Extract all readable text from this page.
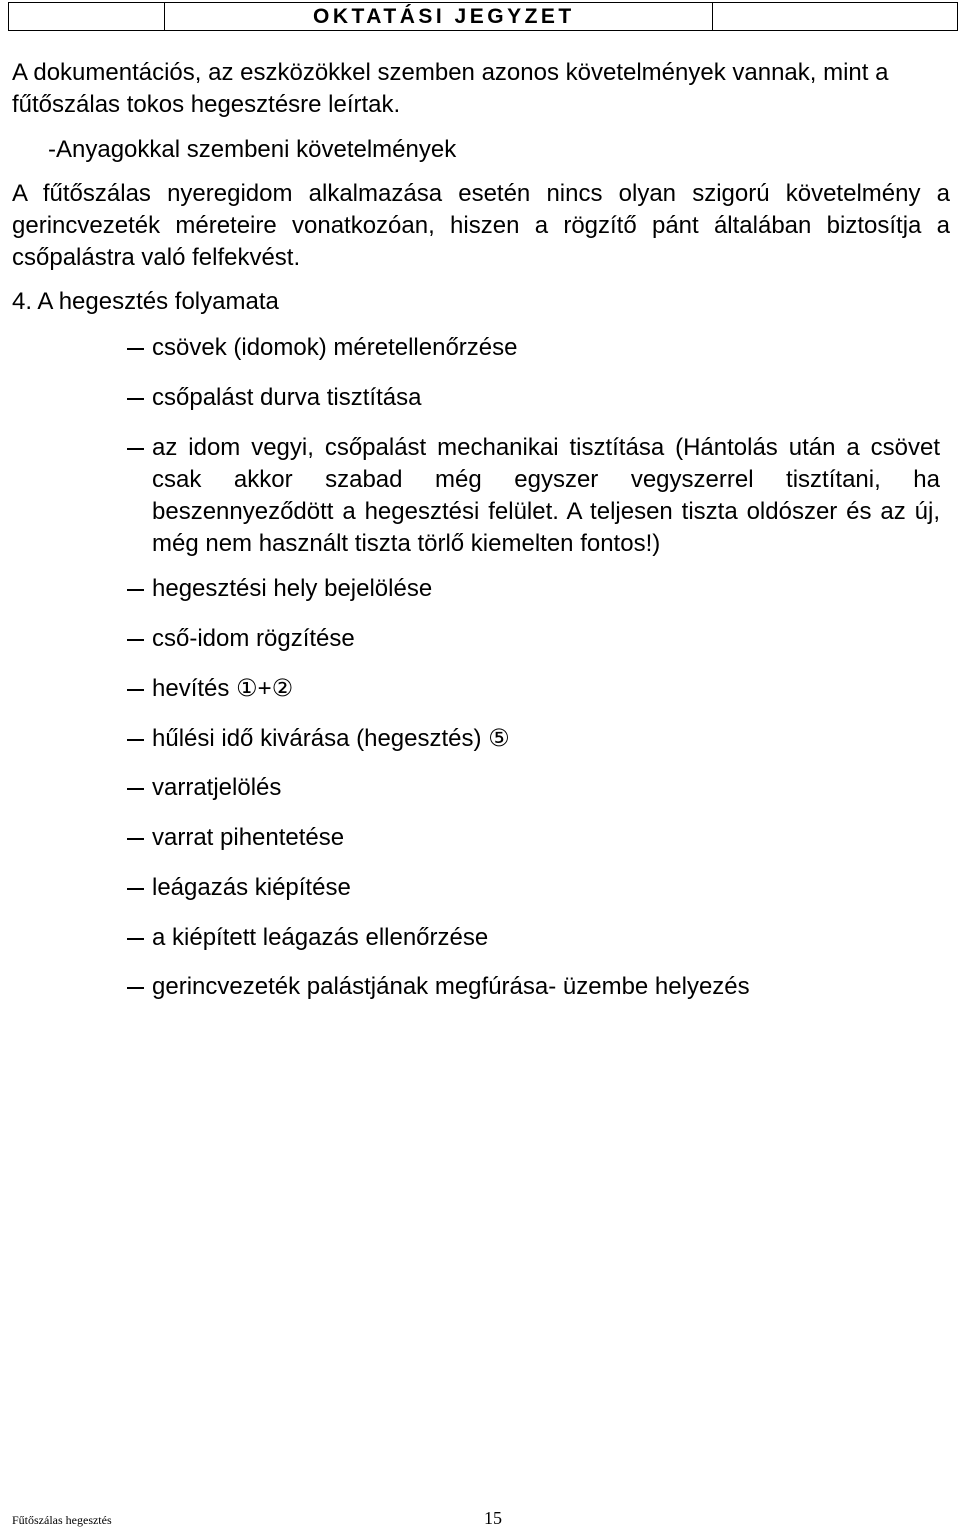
OKTATÁSI JEGYZET

A dokumentációs, az eszközökkel szemben azonos követelmények vannak, mint a fűtőszálas tokos hegesztésre leírtak.

-Anyagokkal szembeni követelmények

A fűtőszálas nyeregidom alkalmazása esetén nincs olyan szigorú követelmény a gerincvezeték méreteire vonatkozóan, hiszen a rögzítő pánt általában biztosítja a csőpalástra való felfekvést.

4. A hegesztés folyamata
csövek (idomok) méretellenőrzése
csőpalást durva tisztítása
az idom vegyi, csőpalást mechanikai tisztítása (Hántolás után a csövet csak akkor szabad még egyszer vegyszerrel tisztítani, ha beszennyeződött a hegesztési felület. A teljesen tiszta oldószer és az új, még nem használt tiszta törlő kiemelten fontos!)
hegesztési hely bejelölése
cső-idom rögzítése
hevítés ①+②
hűlési idő kivárása (hegesztés) ⑤
varratjelölés
varrat pihentetése
leágazás kiépítése
a kiépített leágazás ellenőrzése
gerincvezeték palástjának megfúrása- üzembe helyezés
Fűtőszálas hegesztés	15
